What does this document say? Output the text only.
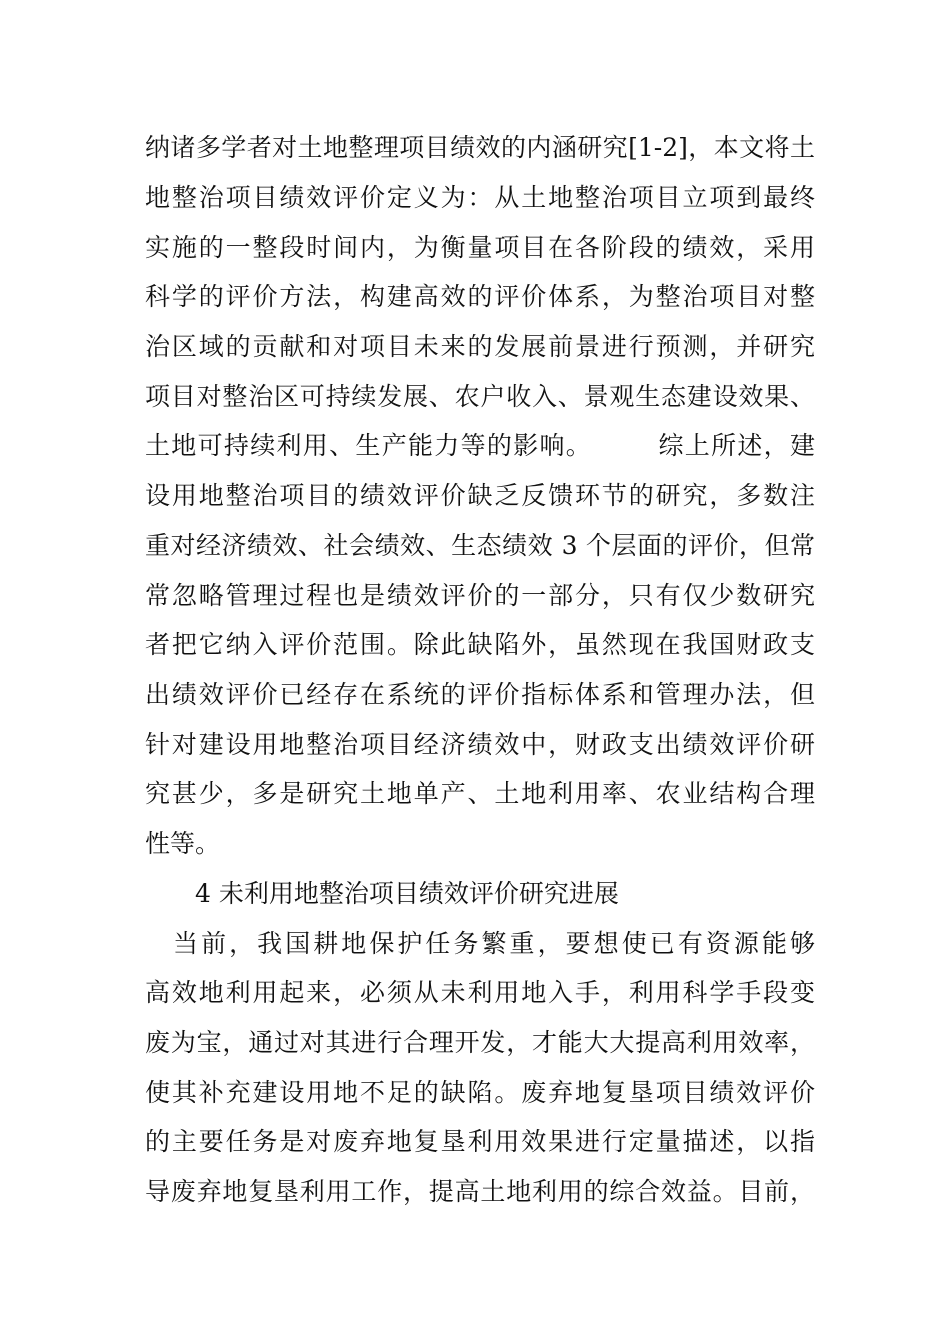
纳诸多学者对土地整理项目绩效的内涵研究[1-2]，本文将土
地整治项目绩效评价定义为：从土地整治项目立项到最终
实施的一整段时间内，为衡量项目在各阶段的绩效，采用
科学的评价方法，构建高效的评价体系，为整治项目对整
治区域的贡献和对项目未来的发展前景进行预测，并研究
项目对整治区可持续发展、农户收入、景观生态建设效果、
土地可持续利用、生产能力等的影响。　　　综上所述，建
设用地整治项目的绩效评价缺乏反馈环节的研究，多数注
重对经济绩效、社会绩效、生态绩效 3 个层面的评价，但常
常忽略管理过程也是绩效评价的一部分，只有仅少数研究
者把它纳入评价范围。除此缺陷外，虽然现在我国财政支
出绩效评价已经存在系统的评价指标体系和管理办法，但
针对建设用地整治项目经济绩效中，财政支出绩效评价研
究甚少，多是研究土地单产、土地利用率、农业结构合理
性等。
4 未利用地整治项目绩效评价研究进展
　当前，我国耕地保护任务繁重，要想使已有资源能够
高效地利用起来，必须从未利用地入手，利用科学手段变
废为宝，通过对其进行合理开发，才能大大提高利用效率，
使其补充建设用地不足的缺陷。废弃地复垦项目绩效评价
的主要任务是对废弃地复垦利用效果进行定量描述，以指
导废弃地复垦利用工作，提高土地利用的综合效益。目前，
